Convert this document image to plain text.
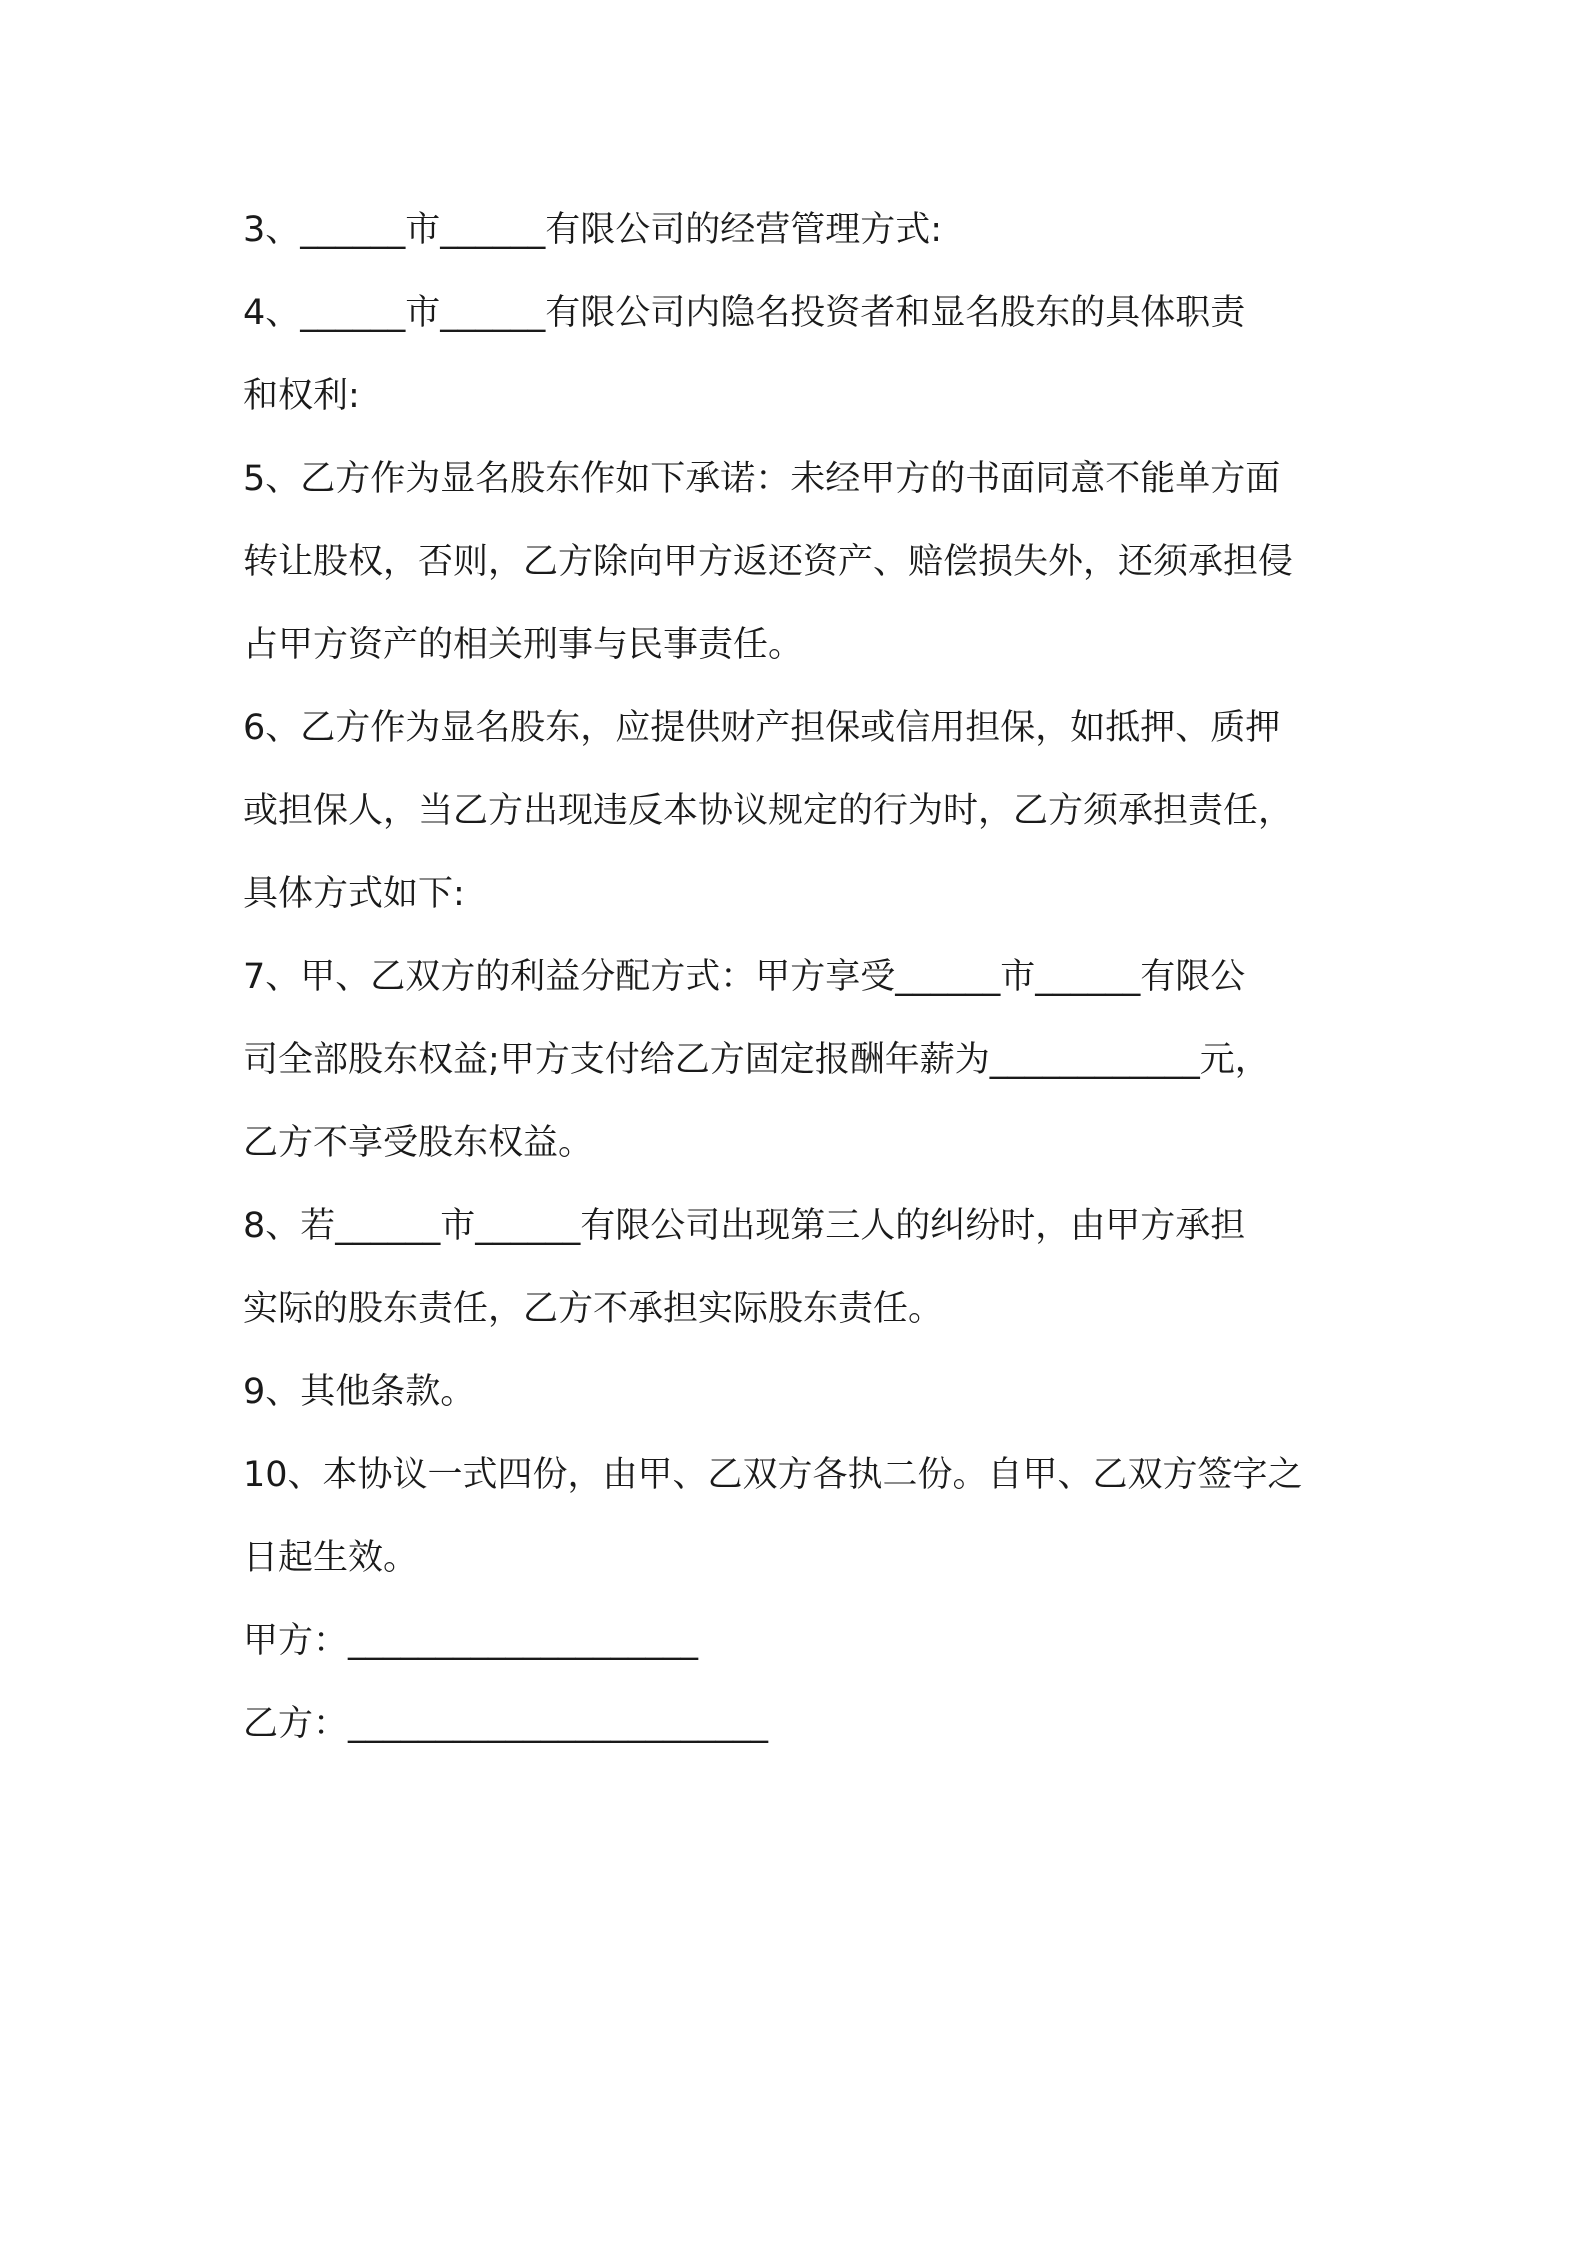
3、______市______有限公司的经营管理方式:

4、______市______有限公司内隐名投资者和显名股东的具体职责

和权利:

5、乙方作为显名股东作如下承诺：未经甲方的书面同意不能单方面

转让股权，否则，乙方除向甲方返还资产、赔偿损失外，还须承担侵

占甲方资产的相关刑事与民事责任。

6、乙方作为显名股东，应提供财产担保或信用担保，如抵押、质押

或担保人，当乙方出现违反本协议规定的行为时，乙方须承担责任，

具体方式如下:

7、甲、乙双方的利益分配方式：甲方享受______市______有限公

司全部股东权益;甲方支付给乙方固定报酬年薪为____________元，

乙方不享受股东权益。

8、若______市______有限公司出现第三人的纠纷时，由甲方承担

实际的股东责任，乙方不承担实际股东责任。

9、其他条款。

10、本协议一式四份，由甲、乙双方各执二份。自甲、乙双方签字之

日起生效。

甲方：____________________

乙方：________________________
